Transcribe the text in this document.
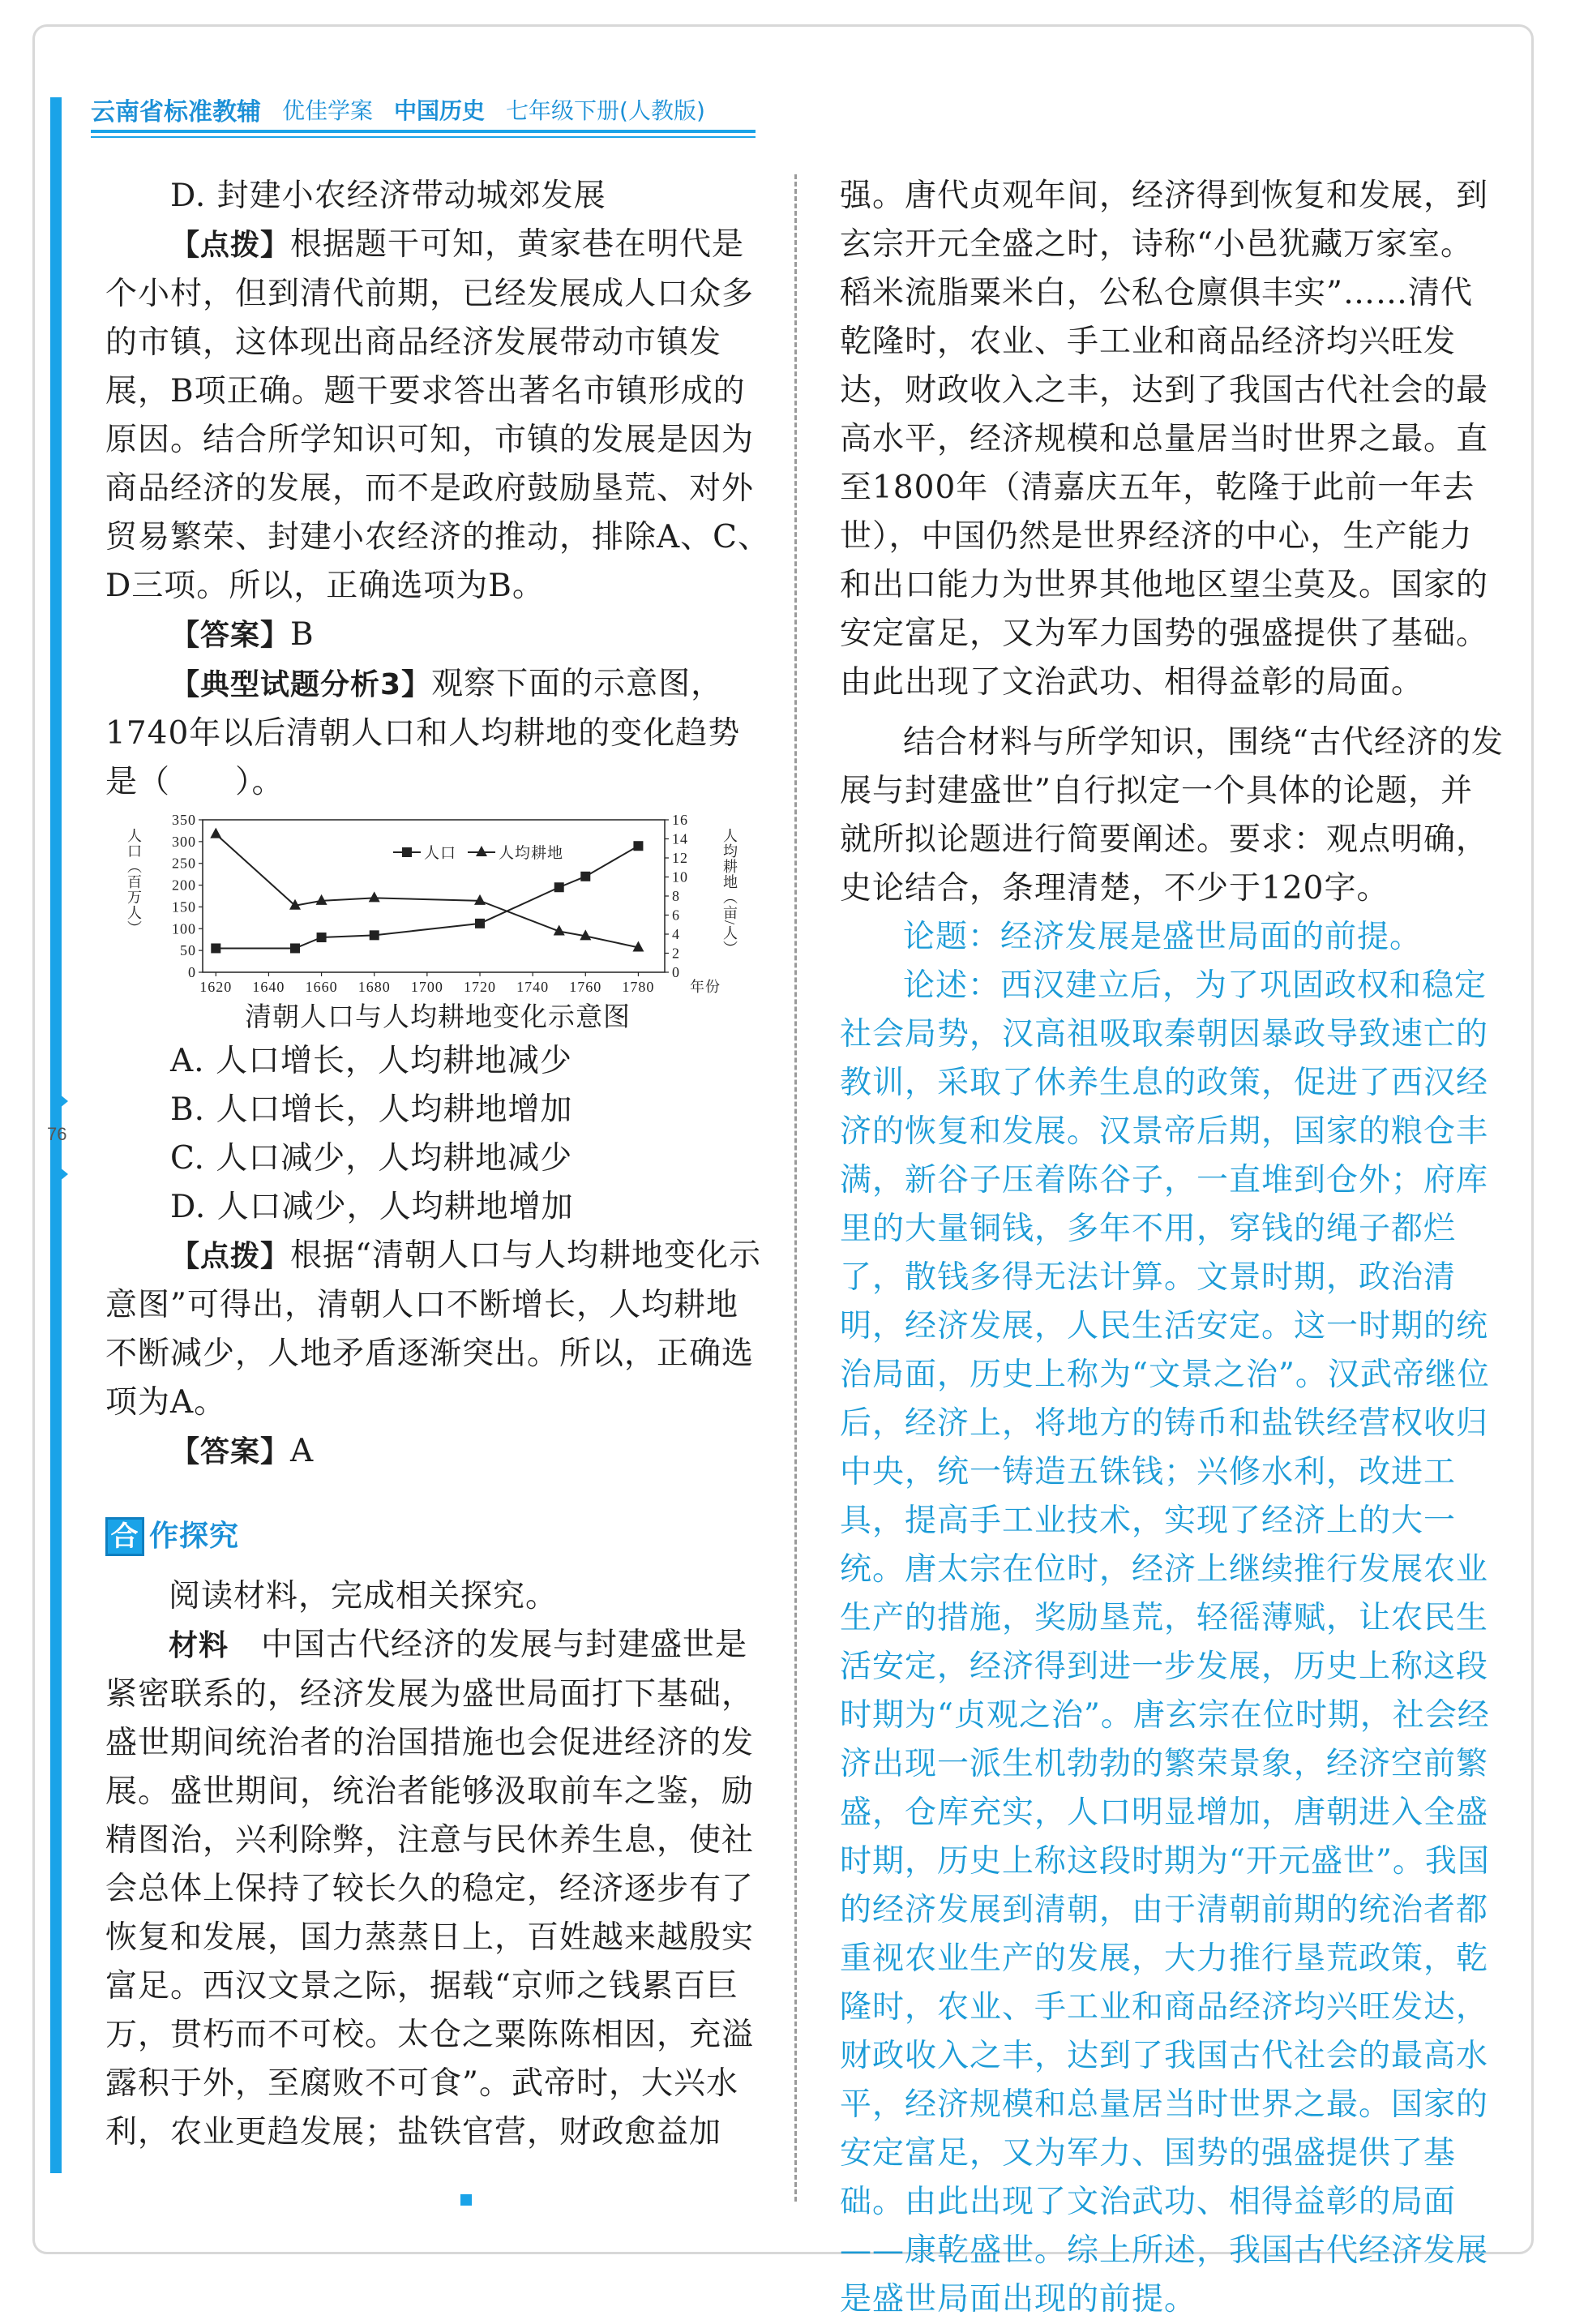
76
云南省标准教辅 优佳学案 中国历史 七年级下册(人教版)

D. 封建小农经济带动城郊发展

【点拨】根据题干可知，黄家巷在明代是个小村，但到清代前期，已经发展成人口众多的市镇，这体现出商品经济发展带动市镇发展，B项正确。题干要求答出著名市镇形成的原因。结合所学知识可知，市镇的发展是因为商品经济的发展，而不是政府鼓励垦荒、对外贸易繁荣、封建小农经济的推动，排除A、C、D三项。所以，正确选项为B。

【答案】B

【典型试题分析3】观察下面的示意图，1740年以后清朝人口和人均耕地的变化趋势是（　　）。

0
50
100
150
200
250
300
350
0
2
4
6
8
10
12
14
16
1620 1640 1660 1680 1700 1720 1740 1760 1780 年份
人口（百万人）	人均耕地（亩/人）
人口	人均耕地

清朝人口与人均耕地变化示意图

A. 人口增长，人均耕地减少

B. 人口增长，人均耕地增加

C. 人口减少，人均耕地减少

D. 人口减少，人均耕地增加

【点拨】根据“清朝人口与人均耕地变化示意图”可得出，清朝人口不断增长，人均耕地不断减少，人地矛盾逐渐突出。所以，正确选项为A。

【答案】A

合 作探究

阅读材料，完成相关探究。

材料　 中国古代经济的发展与封建盛世是紧密联系的，经济发展为盛世局面打下基础，盛世期间统治者的治国措施也会促进经济的发展。盛世期间，统治者能够汲取前车之鉴，励精图治，兴利除弊，注意与民休养生息，使社会总体上保持了较长久的稳定，经济逐步有了恢复和发展，国力蒸蒸日上，百姓越来越殷实富足。西汉文景之际，据载“京师之钱累百巨万，贯朽而不可校。太仓之粟陈陈相因，充溢露积于外，至腐败不可食”。武帝时，大兴水利，农业更趋发展；盐铁官营，财政愈益加

强。唐代贞观年间，经济得到恢复和发展，到玄宗开元全盛之时，诗称“小邑犹藏万家室。稻米流脂粟米白，公私仓廪俱丰实”……清代乾隆时，农业、手工业和商品经济均兴旺发达，财政收入之丰，达到了我国古代社会的最高水平，经济规模和总量居当时世界之最。直至1800年（清嘉庆五年，乾隆于此前一年去世），中国仍然是世界经济的中心，生产能力和出口能力为世界其他地区望尘莫及。国家的安定富足，又为军力国势的强盛提供了基础。由此出现了文治武功、相得益彰的局面。

结合材料与所学知识，围绕“古代经济的发展与封建盛世”自行拟定一个具体的论题，并就所拟论题进行简要阐述。要求：观点明确，史论结合，条理清楚，不少于120字。

论题：经济发展是盛世局面的前提。

论述：西汉建立后，为了巩固政权和稳定社会局势，汉高祖吸取秦朝因暴政导致速亡的教训，采取了休养生息的政策，促进了西汉经济的恢复和发展。汉景帝后期，国家的粮仓丰满，新谷子压着陈谷子，一直堆到仓外；府库里的大量铜钱，多年不用，穿钱的绳子都烂了，散钱多得无法计算。文景时期，政治清明，经济发展，人民生活安定。这一时期的统治局面，历史上称为“文景之治”。汉武帝继位后，经济上，将地方的铸币和盐铁经营权收归中央，统一铸造五铢钱；兴修水利，改进工具，提高手工业技术，实现了经济上的大一统。唐太宗在位时，经济上继续推行发展农业生产的措施，奖励垦荒，轻徭薄赋，让农民生活安定，经济得到进一步发展，历史上称这段时期为“贞观之治”。唐玄宗在位时期，社会经济出现一派生机勃勃的繁荣景象，经济空前繁盛，仓库充实，人口明显增加，唐朝进入全盛时期，历史上称这段时期为“开元盛世”。我国的经济发展到清朝，由于清朝前期的统治者都重视农业生产的发展，大力推行垦荒政策，乾隆时，农业、手工业和商品经济均兴旺发达，财政收入之丰，达到了我国古代社会的最高水平，经济规模和总量居当时世界之最。国家的安定富足，又为军力、国势的强盛提供了基础。由此出现了文治武功、相得益彰的局面——康乾盛世。综上所述，我国古代经济发展是盛世局面出现的前提。
